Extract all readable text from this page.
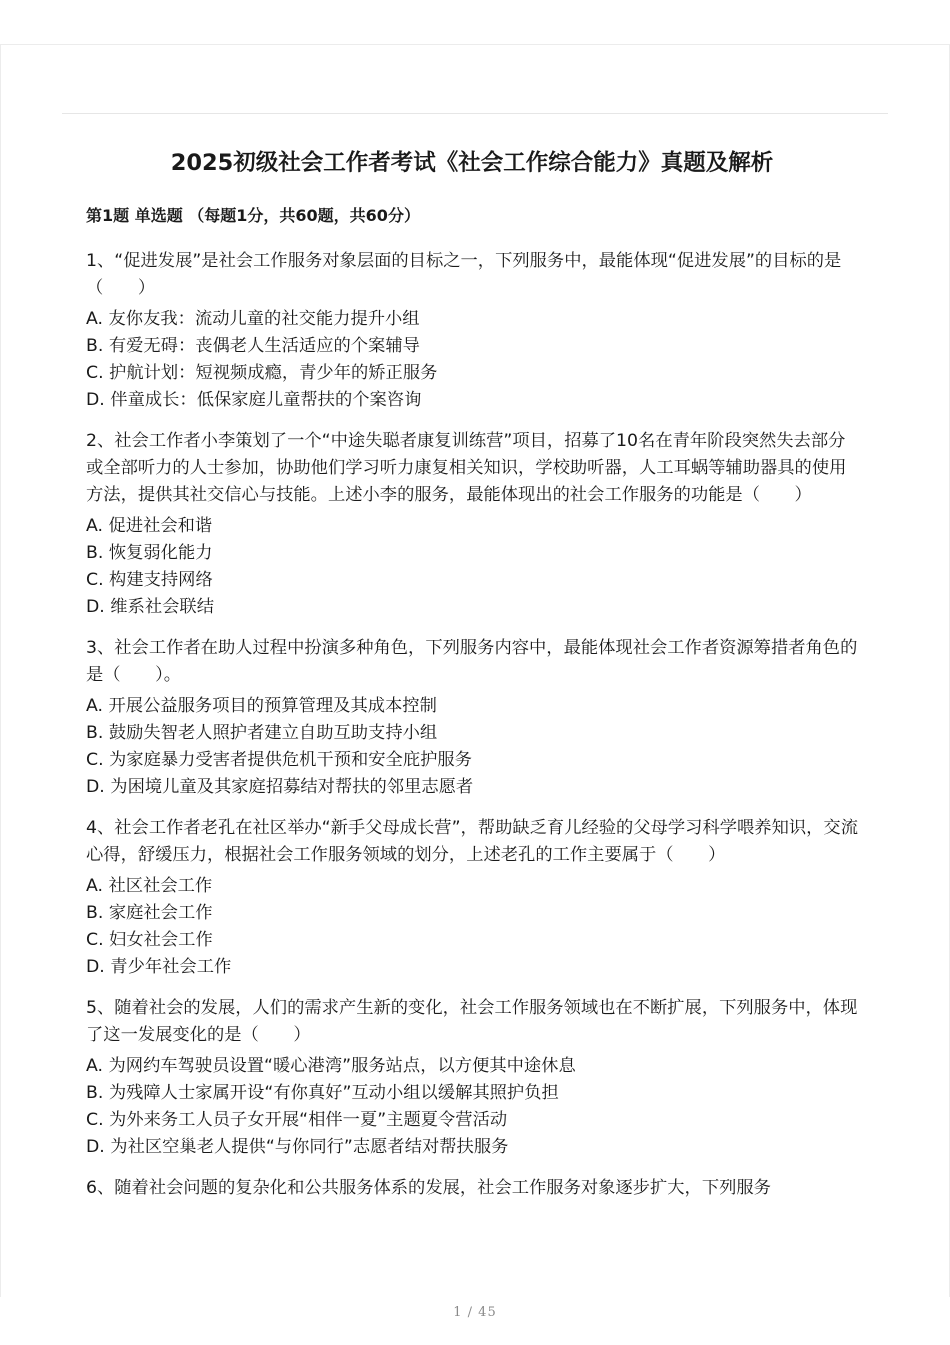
2025初级社会工作者考试《社会工作综合能力》真题及解析
第1题 单选题 （每题1分，共60题，共60分）
1、“促进发展”是社会工作服务对象层面的目标之一，下列服务中，最能体现“促进发展”的目标的是（　　）
A. 友你友我：流动儿童的社交能力提升小组
B. 有爱无碍：丧偶老人生活适应的个案辅导
C. 护航计划：短视频成瘾，青少年的矫正服务
D. 伴童成长：低保家庭儿童帮扶的个案咨询
2、社会工作者小李策划了一个“中途失聪者康复训练营”项目，招募了10名在青年阶段突然失去部分或全部听力的人士参加，协助他们学习听力康复相关知识，学校助听器，人工耳蜗等辅助器具的使用方法，提供其社交信心与技能。上述小李的服务，最能体现出的社会工作服务的功能是（　　）
A. 促进社会和谐
B. 恢复弱化能力
C. 构建支持网络
D. 维系社会联结
3、社会工作者在助人过程中扮演多种角色，下列服务内容中，最能体现社会工作者资源筹措者角色的是（　　）。
A. 开展公益服务项目的预算管理及其成本控制
B. 鼓励失智老人照护者建立自助互助支持小组
C. 为家庭暴力受害者提供危机干预和安全庇护服务
D. 为困境儿童及其家庭招募结对帮扶的邻里志愿者
4、社会工作者老孔在社区举办“新手父母成长营”，帮助缺乏育儿经验的父母学习科学喂养知识，交流心得，舒缓压力，根据社会工作服务领域的划分，上述老孔的工作主要属于（　　）
A. 社区社会工作
B. 家庭社会工作
C. 妇女社会工作
D. 青少年社会工作
5、随着社会的发展，人们的需求产生新的变化，社会工作服务领域也在不断扩展，下列服务中，体现了这一发展变化的是（　　）
A. 为网约车驾驶员设置“暖心港湾”服务站点，以方便其中途休息
B. 为残障人士家属开设“有你真好”互动小组以缓解其照护负担
C. 为外来务工人员子女开展“相伴一夏”主题夏令营活动
D. 为社区空巢老人提供“与你同行”志愿者结对帮扶服务
6、随着社会问题的复杂化和公共服务体系的发展，社会工作服务对象逐步扩大，下列服务
1 / 45
